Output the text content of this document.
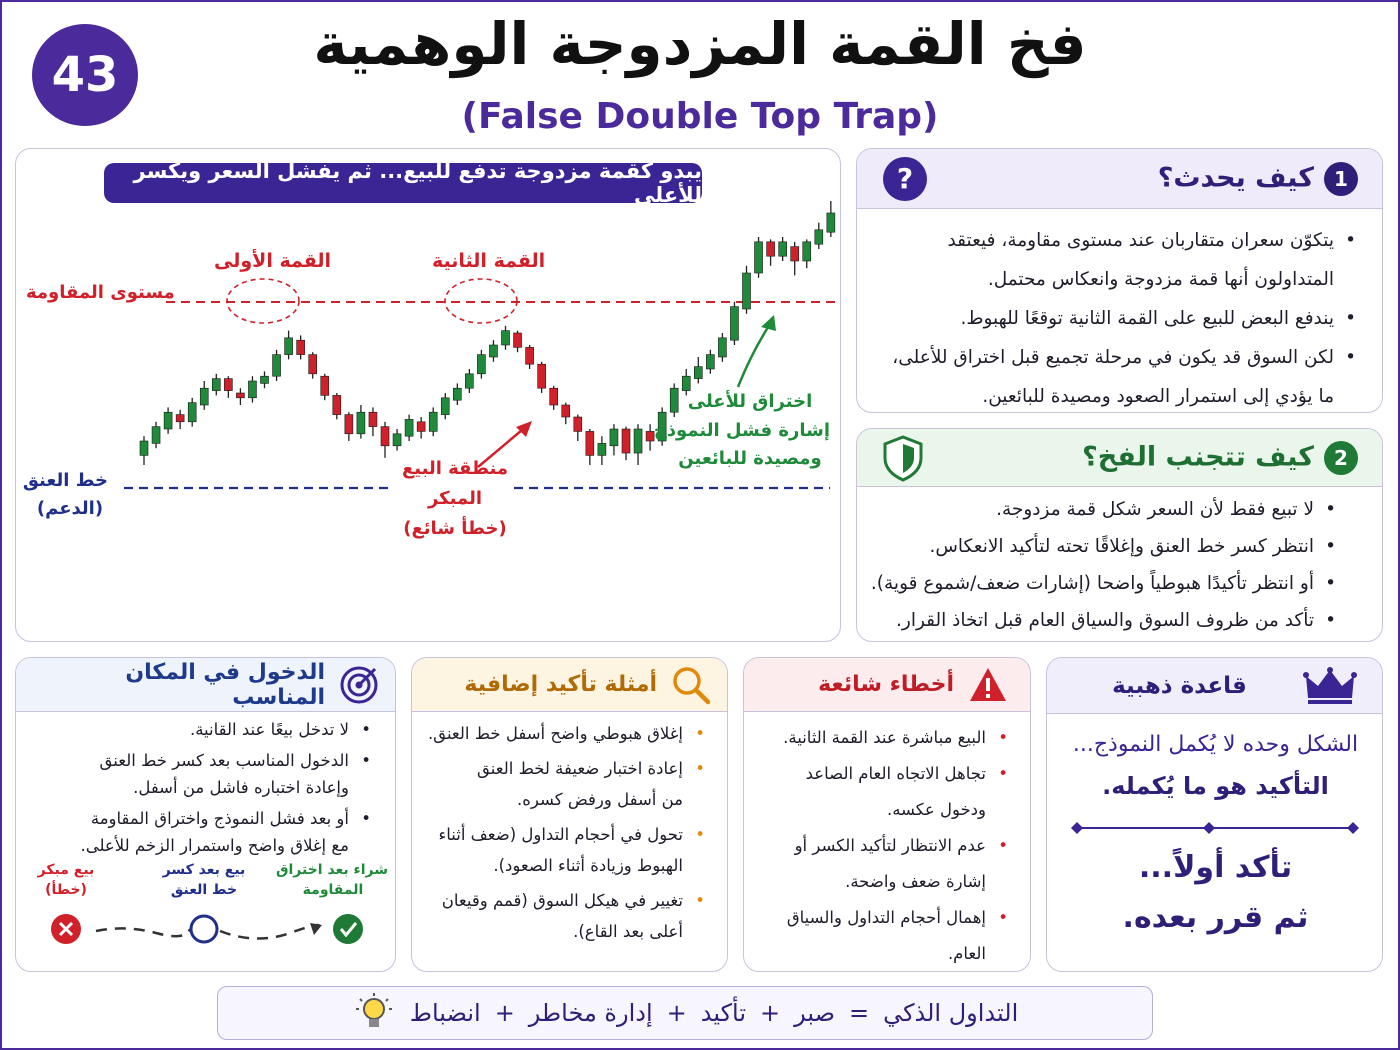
43	فخ القمة المزدوجة الوهمية
(False Double Top Trap)
يبدو كقمة مزدوجة تدفع للبيع... ثم يفشل السعر ويكسر للأعلى
القمة الأولى	القمة الثانية
مستوى المقاومة
خط العنق
(الدعم)
منطقة البيع
المبكر
(خطأ شائع)
اختراق للأعلى
إشارة فشل النموذج
ومصيدة للبائعين
1كيف يحدث؟
?
• يتكوّن سعران متقاربان عند مستوى مقاومة، فيعتقد
المتداولون أنها قمة مزدوجة وانعكاس محتمل.
• يندفع البعض للبيع على القمة الثانية توقعًا للهبوط.
• لكن السوق قد يكون في مرحلة تجميع قبل اختراق للأعلى،
ما يؤدي إلى استمرار الصعود ومصيدة للبائعين.
2كيف تتجنب الفخ؟
• لا تبيع فقط لأن السعر شكل قمة مزدوجة.
• انتظر كسر خط العنق وإغلاقًا تحته لتأكيد الانعكاس.
• أو انتظر تأكيدًا هبوطياً واضحا (إشارات ضعف/شموع قوية).
• تأكد من ظروف السوق والسياق العام قبل اتخاذ القرار.
الدخول في المكان المناسب
• لا تدخل بيعًا عند القانية.
• الدخول المناسب بعد كسر خط العنق
وإعادة اختباره فاشل من أسفل.
• أو بعد فشل النموذج واختراق المقاومة
مع إغلاق واضح واستمرار الزخم للأعلى.
بيع مبكر
(خطأ)
بيع بعد كسر
خط العنق
شراء بعد اختراق
المقاومة
أمثلة تأكيد إضافية
• إغلاق هبوطي واضح أسفل خط العنق.
• إعادة اختبار ضعيفة لخط العنق
من أسفل ورفض كسره.
• تحول في أحجام التداول (ضعف أثناء
الهبوط وزيادة أثناء الصعود).
• تغيير في هيكل السوق (قمم وقيعان
أعلى بعد القاع).
أخطاء شائعة
• البيع مباشرة عند القمة الثانية.
• تجاهل الاتجاه العام الصاعد
ودخول عكسه.
• عدم الانتظار لتأكيد الكسر أو
إشارة ضعف واضحة.
• إهمال أحجام التداول والسياق العام.
قاعدة ذهبية
الشكل وحده لا يُكمل النموذج...
التأكيد هو ما يُكمله.
تأكد أولاً...
ثم قرر بعده.
التداول الذكي
=
صبر
+
تأكيد
+
إدارة مخاطر
+
انضباط
